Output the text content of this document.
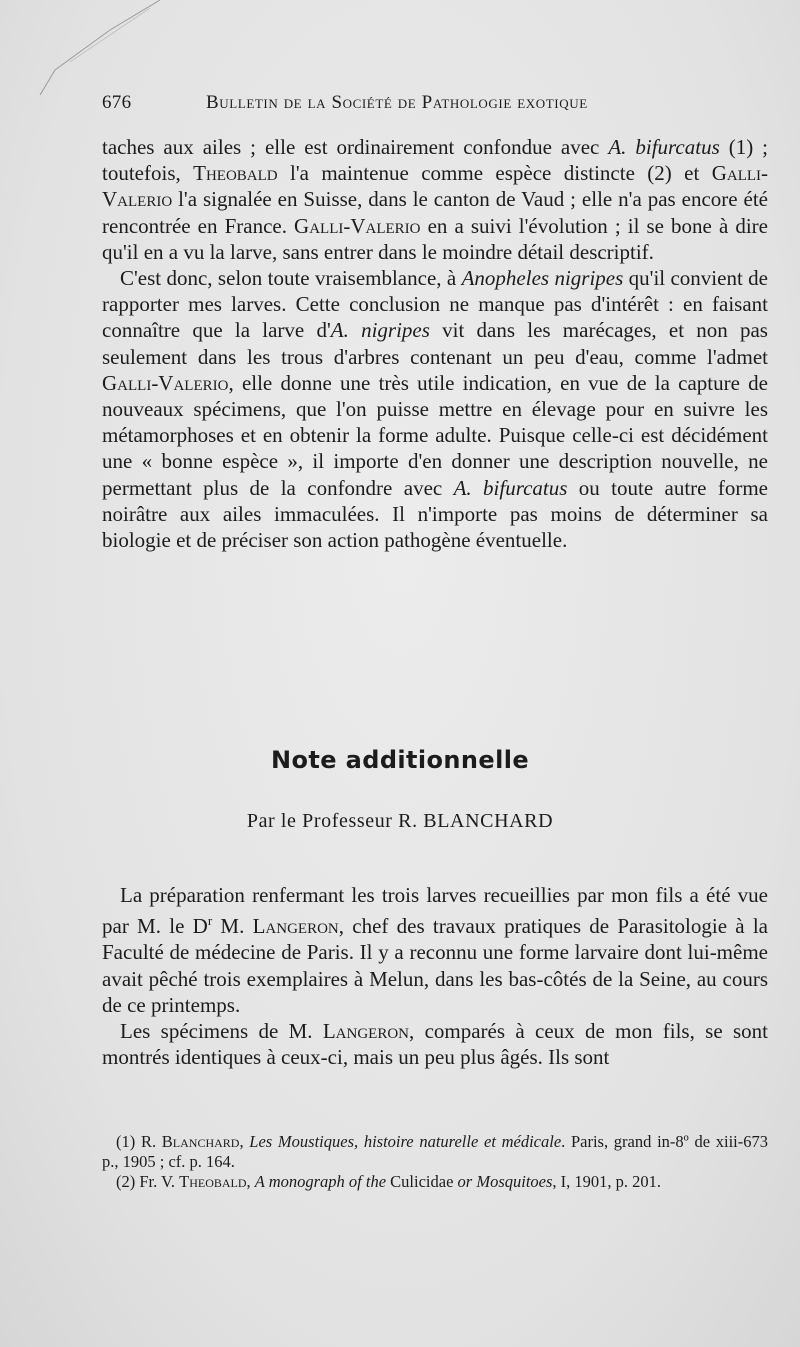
676	Bulletin de la Société de Pathologie exotique

taches aux ailes ; elle est ordinairement confondue avec A. bifurcatus (1) ; toutefois, Theobald l'a maintenue comme espèce distincte (2) et Galli-Valerio l'a signalée en Suisse, dans le canton de Vaud ; elle n'a pas encore été rencontrée en France. Galli-Valerio en a suivi l'évolution ; il se bone à dire qu'il en a vu la larve, sans entrer dans le moindre détail descriptif.

C'est donc, selon toute vraisemblance, à Anopheles nigripes qu'il convient de rapporter mes larves. Cette conclusion ne manque pas d'intérêt : en faisant connaître que la larve d'A. nigripes vit dans les marécages, et non pas seulement dans les trous d'arbres contenant un peu d'eau, comme l'admet Galli-Valerio, elle donne une très utile indication, en vue de la capture de nouveaux spécimens, que l'on puisse mettre en élevage pour en suivre les métamorphoses et en obtenir la forme adulte. Puisque celle-ci est décidément une « bonne espèce », il importe d'en donner une description nouvelle, ne permettant plus de la confondre avec A. bifurcatus ou toute autre forme noirâtre aux ailes immaculées. Il n'importe pas moins de déterminer sa biologie et de préciser son action pathogène éventuelle.

Note additionnelle
Par le Professeur R. BLANCHARD

La préparation renfermant les trois larves recueillies par mon fils a été vue par M. le $D^r$ M. Langeron, chef des travaux pratiques de Parasitologie à la Faculté de médecine de Paris. Il y a reconnu une forme larvaire dont lui-même avait pêché trois exemplaires à Melun, dans les bas-côtés de la Seine, au cours de ce printemps.

Les spécimens de M. Langeron, comparés à ceux de mon fils, se sont montrés identiques à ceux-ci, mais un peu plus âgés. Ils sont

(1) R. Blanchard, Les Moustiques, histoire naturelle et médicale. Paris, grand in-8º de xiii-673 p., 1905 ; cf. p. 164.

(2) Fr. V. Theobald, A monograph of the Culicidae or Mosquitoes, I, 1901, p. 201.
